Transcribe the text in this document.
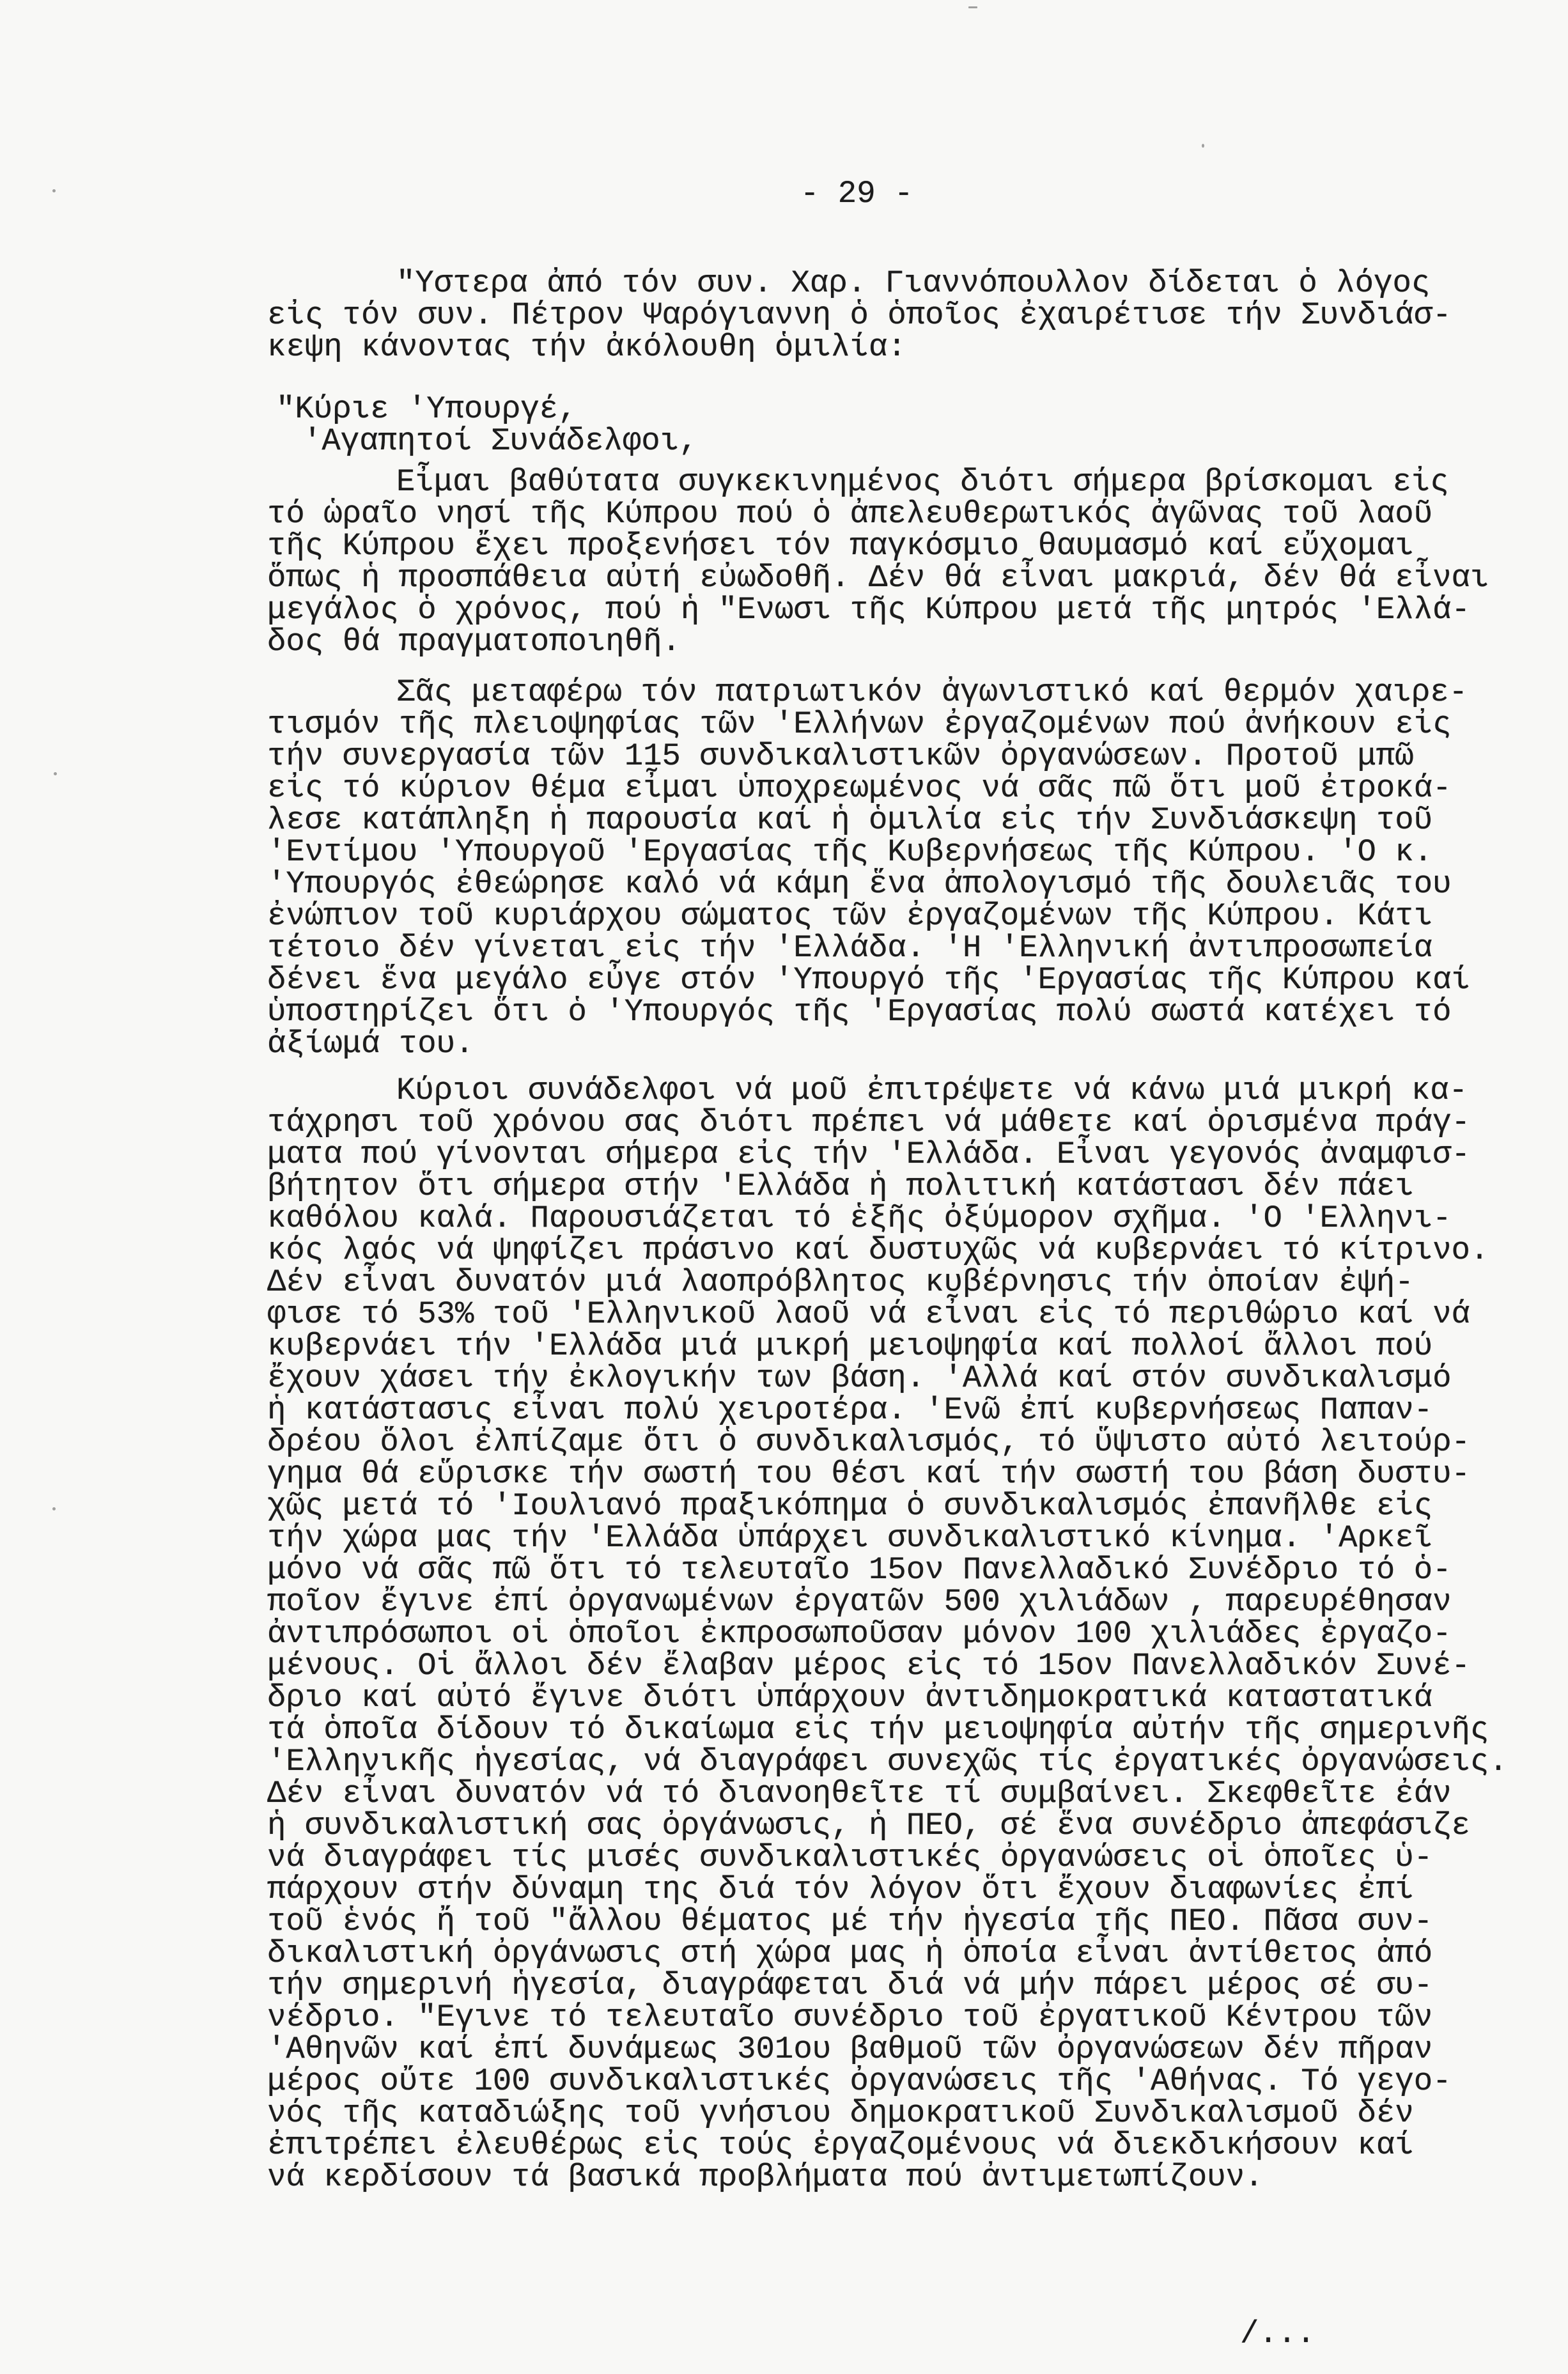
- 29 -
"Υστερα ἀπό τόν συν. Χαρ. Γιαννόπουλλον δίδεται ὁ λόγος
εἰς τόν συν. Πέτρον Ψαρόγιαννη ὁ ὁποῖος ἐχαιρέτισε τήν Συνδιάσ-
κεψη κάνοντας τήν ἀκόλουθη ὁμιλία:
"Κύριε 'Υπουργέ,
'Αγαπητοί Συνάδελφοι,
Εἶμαι βαθύτατα συγκεκινημένος διότι σήμερα βρίσκομαι εἰς
τό ὡραῖο νησί τῆς Κύπρου πού ὁ ἀπελευθερωτικός ἀγῶνας τοῦ λαοῦ
τῆς Κύπρου ἔχει προξενήσει τόν παγκόσμιο θαυμασμό καί εὔχομαι
ὅπως ἡ προσπάθεια αὐτή εὐωδοθῆ. Δέν θά εἶναι μακριά, δέν θά εἶναι
μεγάλος ὁ χρόνος, πού ἡ "Ενωσι τῆς Κύπρου μετά τῆς μητρός 'Ελλά-
δος θά πραγματοποιηθῆ.
Σᾶς μεταφέρω τόν πατριωτικόν ἀγωνιστικό καί θερμόν χαιρε-
τισμόν τῆς πλειοψηφίας τῶν 'Ελλήνων ἐργαζομένων πού ἀνήκουν εἰς
τήν συνεργασία τῶν 115 συνδικαλιστικῶν ὀργανώσεων. Προτοῦ μπῶ
εἰς τό κύριον θέμα εἶμαι ὑποχρεωμένος νά σᾶς πῶ ὅτι μοῦ ἐτροκά-
λεσε κατάπληξη ἡ παρουσία καί ἡ ὁμιλία εἰς τήν Συνδιάσκεψη τοῦ
'Εντίμου 'Υπουργοῦ 'Εργασίας τῆς Κυβερνήσεως τῆς Κύπρου. 'Ο κ.
'Υπουργός ἐθεώρησε καλό νά κάμη ἕνα ἀπολογισμό τῆς δουλειᾶς του
ἐνώπιον τοῦ κυριάρχου σώματος τῶν ἐργαζομένων τῆς Κύπρου. Κάτι
τέτοιο δέν γίνεται εἰς τήν 'Ελλάδα. 'Η 'Ελληνική ἀντιπροσωπεία
δένει ἕνα μεγάλο εὖγε στόν 'Υπουργό τῆς 'Εργασίας τῆς Κύπρου καί
ὑποστηρίζει ὅτι ὁ 'Υπουργός τῆς 'Εργασίας πολύ σωστά κατέχει τό
ἀξίωμά του.
Κύριοι συνάδελφοι νά μοῦ ἐπιτρέψετε νά κάνω μιά μικρή κα-
τάχρησι τοῦ χρόνου σας διότι πρέπει νά μάθετε καί ὁρισμένα πράγ-
ματα πού γίνονται σήμερα εἰς τήν 'Ελλάδα. Εἶναι γεγονός ἀναμφισ-
βήτητον ὅτι σήμερα στήν 'Ελλάδα ἡ πολιτική κατάστασι δέν πάει
καθόλου καλά. Παρουσιάζεται τό ἑξῆς ὀξύμορον σχῆμα. 'Ο 'Ελληνι-
κός λαός νά ψηφίζει πράσινο καί δυστυχῶς νά κυβερνάει τό κίτρινο.
Δέν εἶναι δυνατόν μιά λαοπρόβλητος κυβέρνησις τήν ὁποίαν ἐψή-
φισε τό 53% τοῦ 'Ελληνικοῦ λαοῦ νά εἶναι εἰς τό περιθώριο καί νά
κυβερνάει τήν 'Ελλάδα μιά μικρή μειοψηφία καί πολλοί ἄλλοι πού
ἔχουν χάσει τήν ἐκλογικήν των βάση. 'Αλλά καί στόν συνδικαλισμό
ἡ κατάστασις εἶναι πολύ χειροτέρα. 'Ενῶ ἐπί κυβερνήσεως Παπαν-
δρέου ὅλοι ἐλπίζαμε ὅτι ὁ συνδικαλισμός, τό ὕψιστο αὐτό λειτούρ-
γημα θά εὕρισκε τήν σωστή του θέσι καί τήν σωστή του βάση δυστυ-
χῶς μετά τό 'Ιουλιανό πραξικόπημα ὁ συνδικαλισμός ἐπανῆλθε εἰς
τήν χώρα μας τήν 'Ελλάδα ὑπάρχει συνδικαλιστικό κίνημα. 'Αρκεῖ
μόνο νά σᾶς πῶ ὅτι τό τελευταῖο 15ον Πανελλαδικό Συνέδριο τό ὁ-
ποῖον ἔγινε ἐπί ὀργανωμένων ἐργατῶν 500 χιλιάδων , παρευρέθησαν
ἀντιπρόσωποι οἱ ὁποῖοι ἐκπροσωποῦσαν μόνον 100 χιλιάδες ἐργαζο-
μένους. Οἱ ἄλλοι δέν ἔλαβαν μέρος εἰς τό 15ον Πανελλαδικόν Συνέ-
δριο καί αὐτό ἔγινε διότι ὑπάρχουν ἀντιδημοκρατικά καταστατικά
τά ὁποῖα δίδουν τό δικαίωμα εἰς τήν μειοψηφία αὐτήν τῆς σημερινῆς
'Ελληνικῆς ἡγεσίας, νά διαγράφει συνεχῶς τίς ἐργατικές ὀργανώσεις.
Δέν εἶναι δυνατόν νά τό διανοηθεῖτε τί συμβαίνει. Σκεφθεῖτε ἐάν
ἡ συνδικαλιστική σας ὀργάνωσις, ἡ ΠΕΟ, σέ ἕνα συνέδριο ἀπεφάσιζε
νά διαγράφει τίς μισές συνδικαλιστικές ὀργανώσεις οἱ ὁποῖες ὑ-
πάρχουν στήν δύναμη της διά τόν λόγον ὅτι ἔχουν διαφωνίες ἐπί
τοῦ ἑνός ἤ τοῦ "ἄλλου θέματος μέ τήν ἡγεσία τῆς ΠΕΟ. Πᾶσα συν-
δικαλιστική ὀργάνωσις στή χώρα μας ἡ ὁποία εἶναι ἀντίθετος ἀπό
τήν σημερινή ἡγεσία, διαγράφεται διά νά μήν πάρει μέρος σέ συ-
νέδριο. "Εγινε τό τελευταῖο συνέδριο τοῦ ἐργατικοῦ Κέντρου τῶν
'Αθηνῶν καί ἐπί δυνάμεως 301ου βαθμοῦ τῶν ὀργανώσεων δέν πῆραν
μέρος οὔτε 100 συνδικαλιστικές ὀργανώσεις τῆς 'Αθήνας. Τό γεγο-
νός τῆς καταδιώξης τοῦ γνήσιου δημοκρατικοῦ Συνδικαλισμοῦ δέν
ἐπιτρέπει ἐλευθέρως εἰς τούς ἐργαζομένους νά διεκδικήσουν καί
νά κερδίσουν τά βασικά προβλήματα πού ἀντιμετωπίζουν.
/...
